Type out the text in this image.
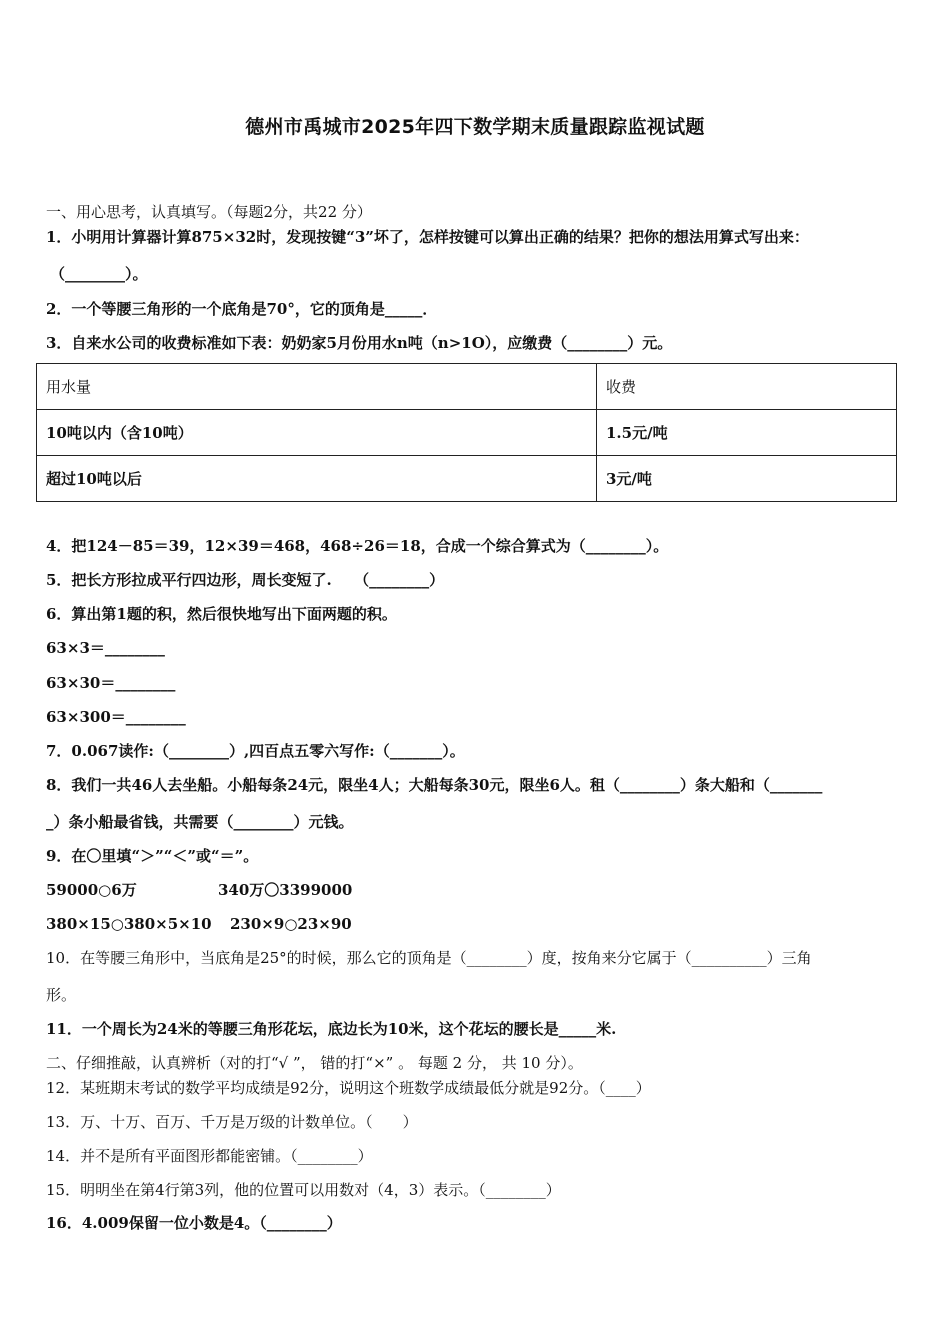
德州市禹城市2025年四下数学期末质量跟踪监视试题
一、用心思考，认真填写。（每题2分，共22 分）
1．小明用计算器计算875×32时，发现按键“3”坏了，怎样按键可以算出正确的结果？把你的想法用算式写出来：
（________）。
2．一个等腰三角形的一个底角是70°，它的顶角是_____．
3．自来水公司的收费标准如下表：奶奶家5月份用水n吨（n>1O），应缴费（________）元。
用水量	收费
10吨以内（含10吨）	1.5元/吨
超过10吨以后	3元/吨
4．把124－85＝39，12×39＝468，468÷26＝18，合成一个综合算式为（________）。
5．把长方形拉成平行四边形，周长变短了.　　（________）
6．算出第1题的积，然后很快地写出下面两题的积。
63×3＝________
63×30＝________
63×300＝________
7．0.067读作:（________）,四百点五零六写作:（_______）。
8．我们一共46人去坐船。小船每条24元，限坐4人；大船每条30元，限坐6人。租（________）条大船和（_______
_）条小船最省钱，共需要（________）元钱。
9．在〇里填“＞”“＜”或“＝”。
59000○6万	340万〇3399000
380×15○380×5×10 230×9○23×90
10．在等腰三角形中，当底角是25°的时候，那么它的顶角是（________）度，按角来分它属于（__________）三角
形。
11．一个周长为24米的等腰三角形花坛，底边长为10米，这个花坛的腰长是_____米.
二、仔细推敲，认真辨析（对的打“√ ”， 错的打“×” 。 每题 2 分， 共 10 分）。
12．某班期末考试的数学平均成绩是92分，说明这个班数学成绩最低分就是92分。（____）
13．万、十万、百万、千万是万级的计数单位。（　　）
14．并不是所有平面图形都能密铺。（________）
15．明明坐在第4行第3列，他的位置可以用数对（4，3）表示。（________）
16．4.009保留一位小数是4。（________）
